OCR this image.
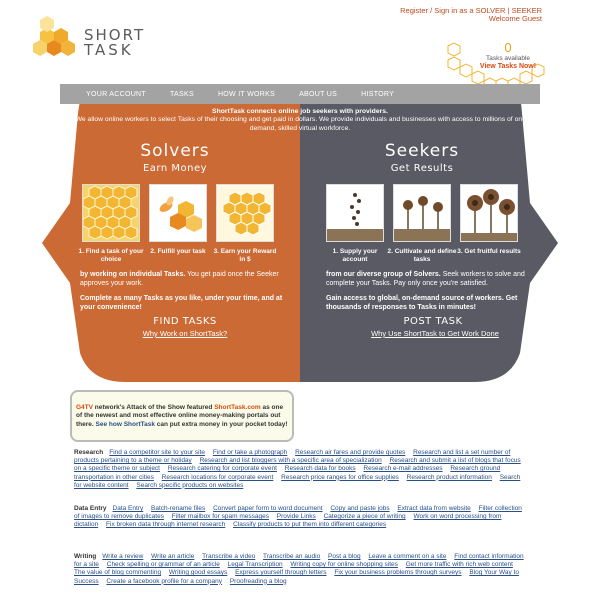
SHORT
TASK
Register / Sign in as a SOLVER | SEEKER
Welcome Guest
0
Tasks available
View Tasks Now!
YOUR ACCOUNT	TASKS	HOW IT WORKS	ABOUT US	HISTORY
ShortTask connects online job seekers with providers.
We allow online workers to select Tasks of their choosing and get paid in dollars. We provide individuals and businesses with access to millions of on-demand, skilled virtual workforce.
Solvers
Earn Money
1. Find a task of your choice
2. Fulfill your task	3. Earn your Reward in $
by working on individual Tasks. You get paid once the Seeker approves your work.
Complete as many Tasks as you like, under your time, and at your convenience!
FIND TASKS
Why Work on ShortTask?
Seekers
Get Results
1. Supply your account
2. Cultivate and define tasks
3. Get fruitful results
from our diverse group of Solvers. Seek workers to solve and complete your Tasks. Pay only once you're satisfied.
Gain access to global, on-demand source of workers. Get thousands of responses to Tasks in minutes!
POST TASK
Why Use ShortTask to Get Work Done
G4TV network's Attack of the Show featured ShortTask.com as one of the newest and most effective online money-making portals out there. See how ShortTask can put extra money in your pocket today!
Research Find a competitor site to your site Find or take a photograph Research air fares and provide quotes Research and list a set number of products pertaining to a theme or holiday Research and list bloggers with a specific area of specialization Research and submit a list of blogs that focus on a specific theme or subject Research catering for corporate event Research data for books Research e-mail addresses Research ground transportation in other cities Research locations for corporate event Research price ranges for office supplies Research product information Search for website content Search specific products on websites
Data Entry Data Entry Batch-rename files Convert paper form to word document Copy and paste jobs Extract data from website Filter collection of images to remove duplicates Filter mailbox for spam messages Provide Links Categorize a piece of writing Work on word processing from dictation Fix broken data through internet research Classify products to put them into different categories
Writing Write a review Write an article Transcribe a video Transcribe an audio Post a blog Leave a comment on a site Find contact information for a site Check spelling or grammar of an article Legal Transcription Writing copy for online shopping sites Get more traffic with rich web content The value of blog commenting Writing good essays Express yourself through letters Fix your business problems through surveys Blog Your Way to Success Create a facebook profile for a company Proofreading a blog
